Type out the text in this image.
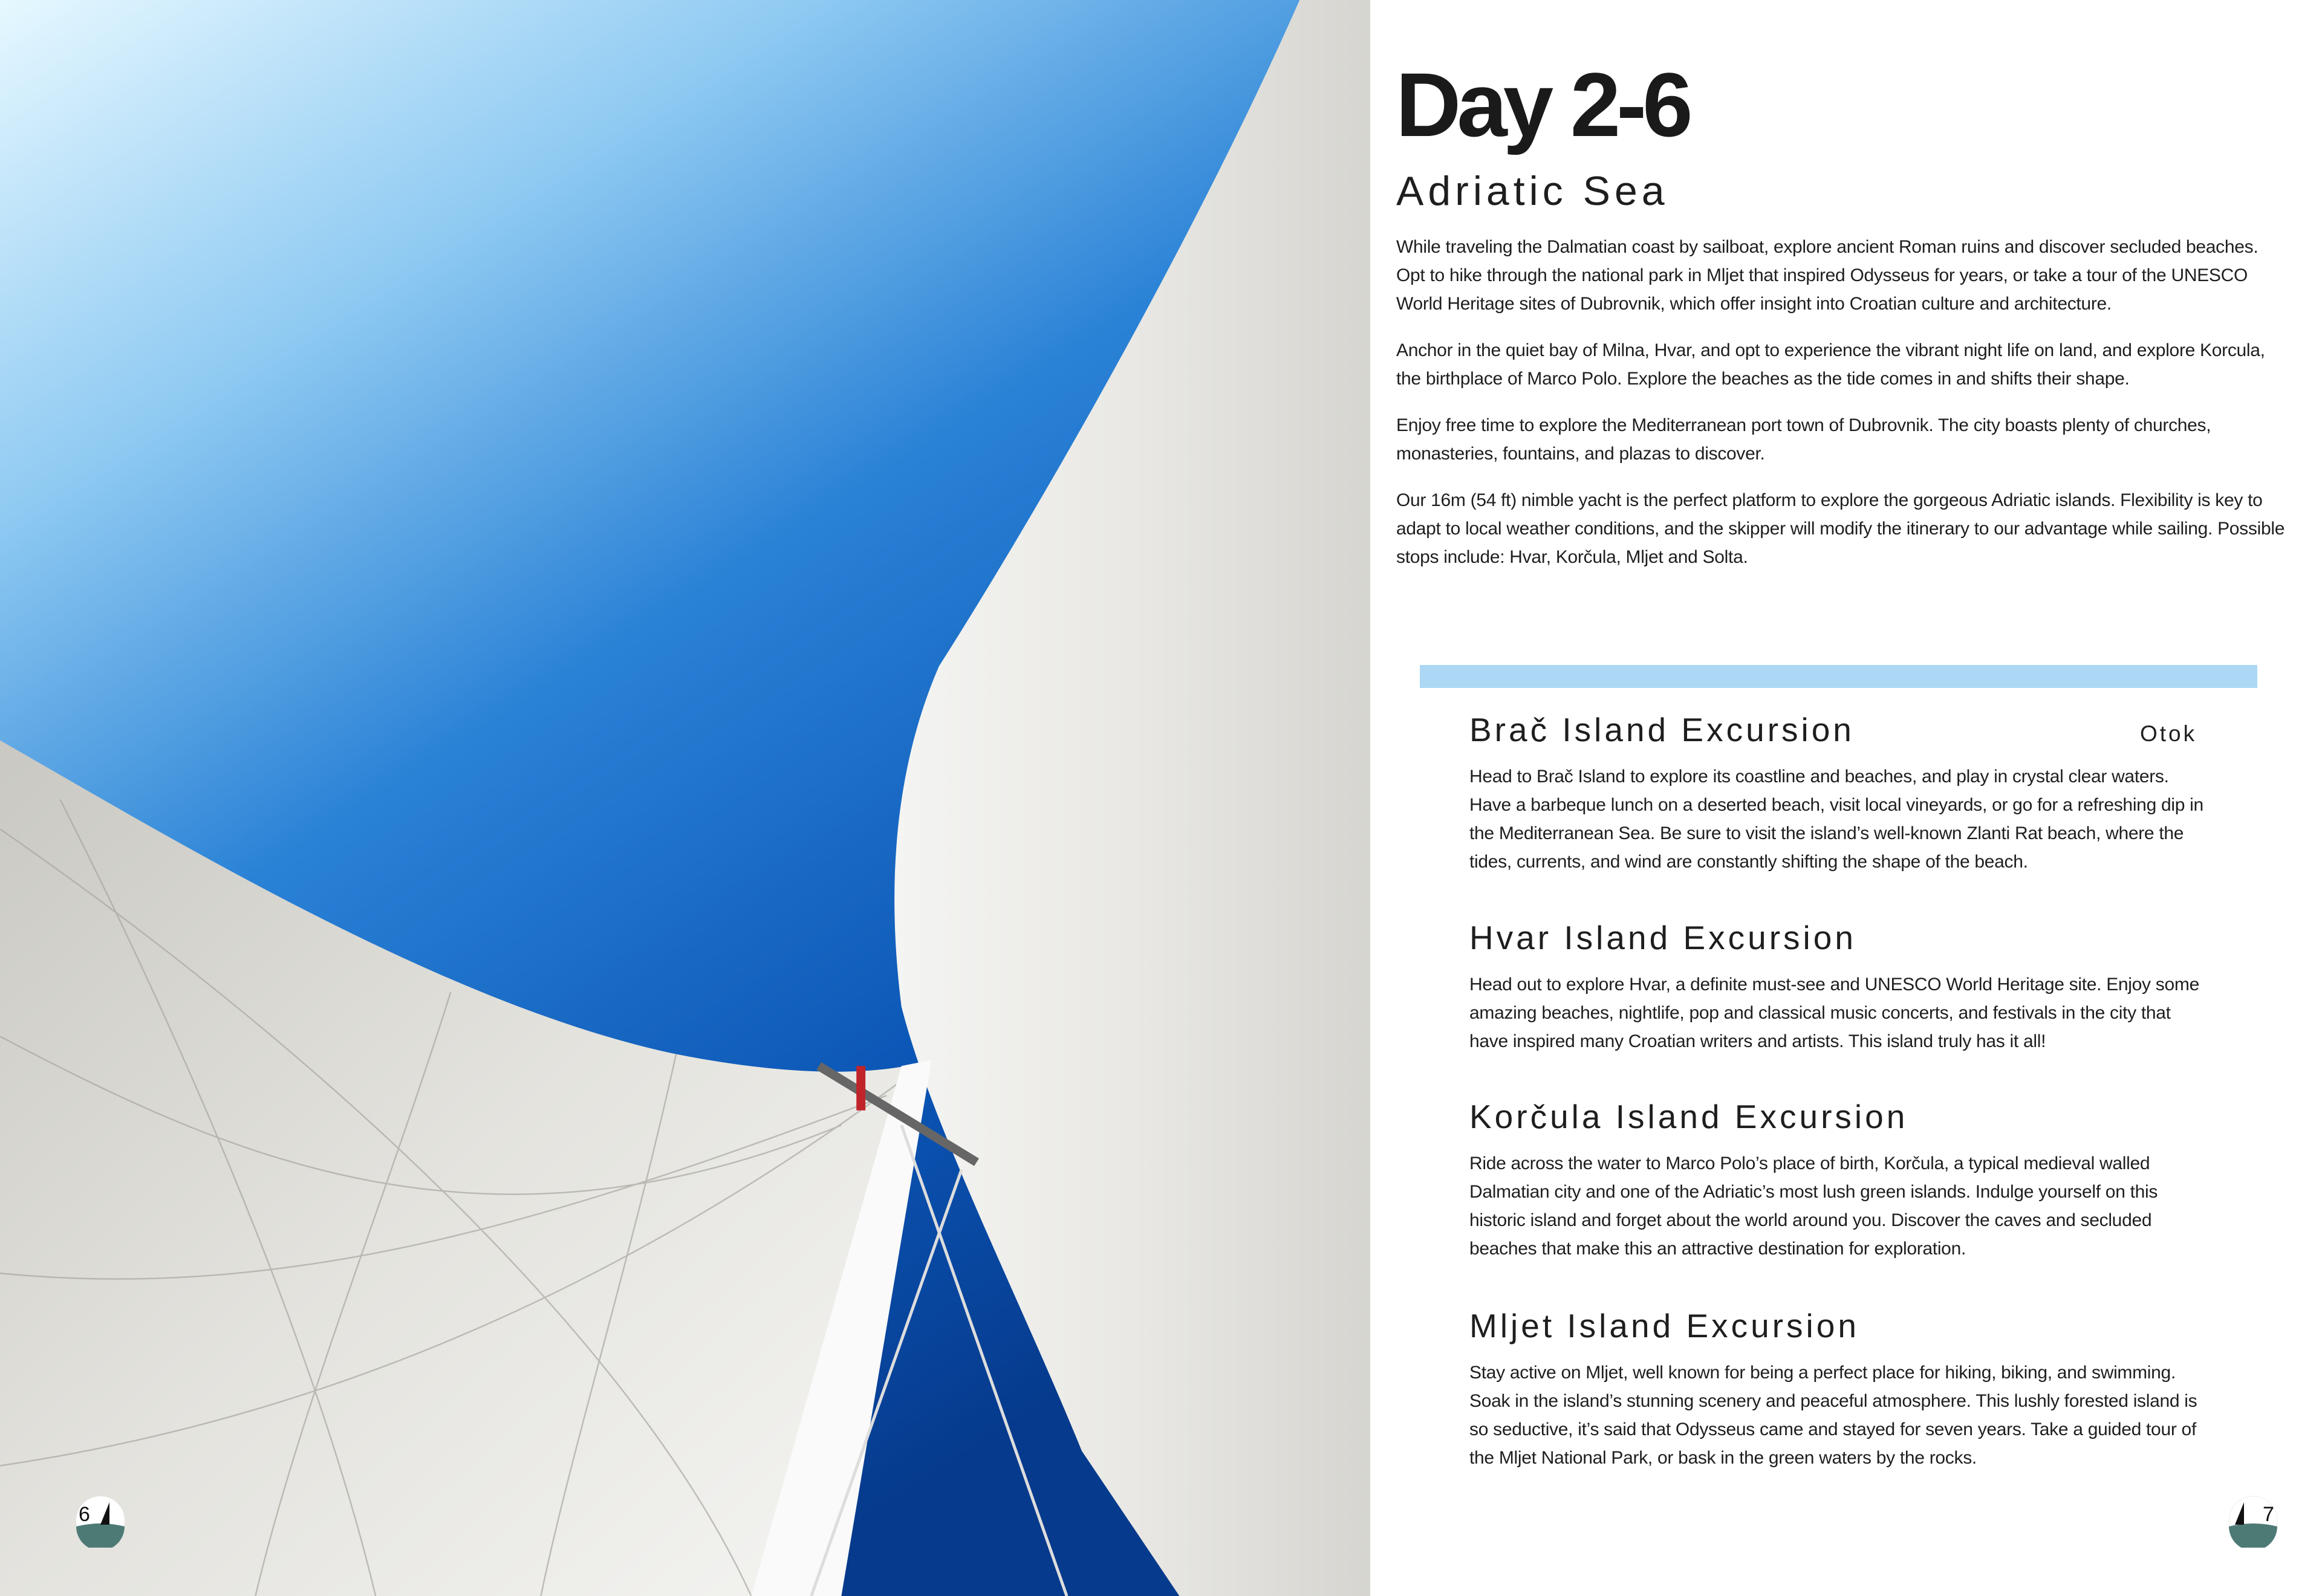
6
Day 2-6
Adriatic Sea

While traveling the Dalmatian coast by sailboat, explore ancient Roman ruins and discover secluded beaches. Opt to hike through the national park in Mljet that inspired Odysseus for years, or take a tour of the UNESCO World Heritage sites of Dubrovnik, which offer insight into Croatian culture and architecture.

Anchor in the quiet bay of Milna, Hvar, and opt to experience the vibrant night life on land, and explore Korcula, the birthplace of Marco Polo. Explore the beaches as the tide comes in and shifts their shape.

Enjoy free time to explore the Mediterranean port town of Dubrovnik. The city boasts plenty of churches, monasteries, fountains, and plazas to discover.

Our 16m (54 ft) nimble yacht is the perfect platform to explore the gorgeous Adriatic islands. Flexibility is key to adapt to local weather conditions, and the skipper will modify the itinerary to our advantage while sailing. Possible stops include: Hvar, Korčula, Mljet and Solta.

Otok
Brač Island Excursion

Head to Brač Island to explore its coastline and beaches, and play in crystal clear waters. Have a barbeque lunch on a deserted beach, visit local vineyards, or go for a refreshing dip in the Mediterranean Sea. Be sure to visit the island’s well-known Zlanti Rat beach, where the tides, currents, and wind are constantly shifting the shape of the beach.

Hvar Island Excursion

Head out to explore Hvar, a definite must-see and UNESCO World Heritage site. Enjoy some amazing beaches, nightlife, pop and classical music concerts, and festivals in the city that have inspired many Croatian writers and artists. This island truly has it all!

Korčula Island Excursion

Ride across the water to Marco Polo’s place of birth, Korčula, a typical medieval walled Dalmatian city and one of the Adriatic’s most lush green islands. Indulge yourself on this historic island and forget about the world around you. Discover the caves and secluded beaches that make this an attractive destination for exploration.

Mljet Island Excursion

Stay active on Mljet, well known for being a perfect place for hiking, biking, and swimming. Soak in the island’s stunning scenery and peaceful atmosphere. This lushly forested island is so seductive, it’s said that Odysseus came and stayed for seven years. Take a guided tour of the Mljet National Park, or bask in the green waters by the rocks.

7
